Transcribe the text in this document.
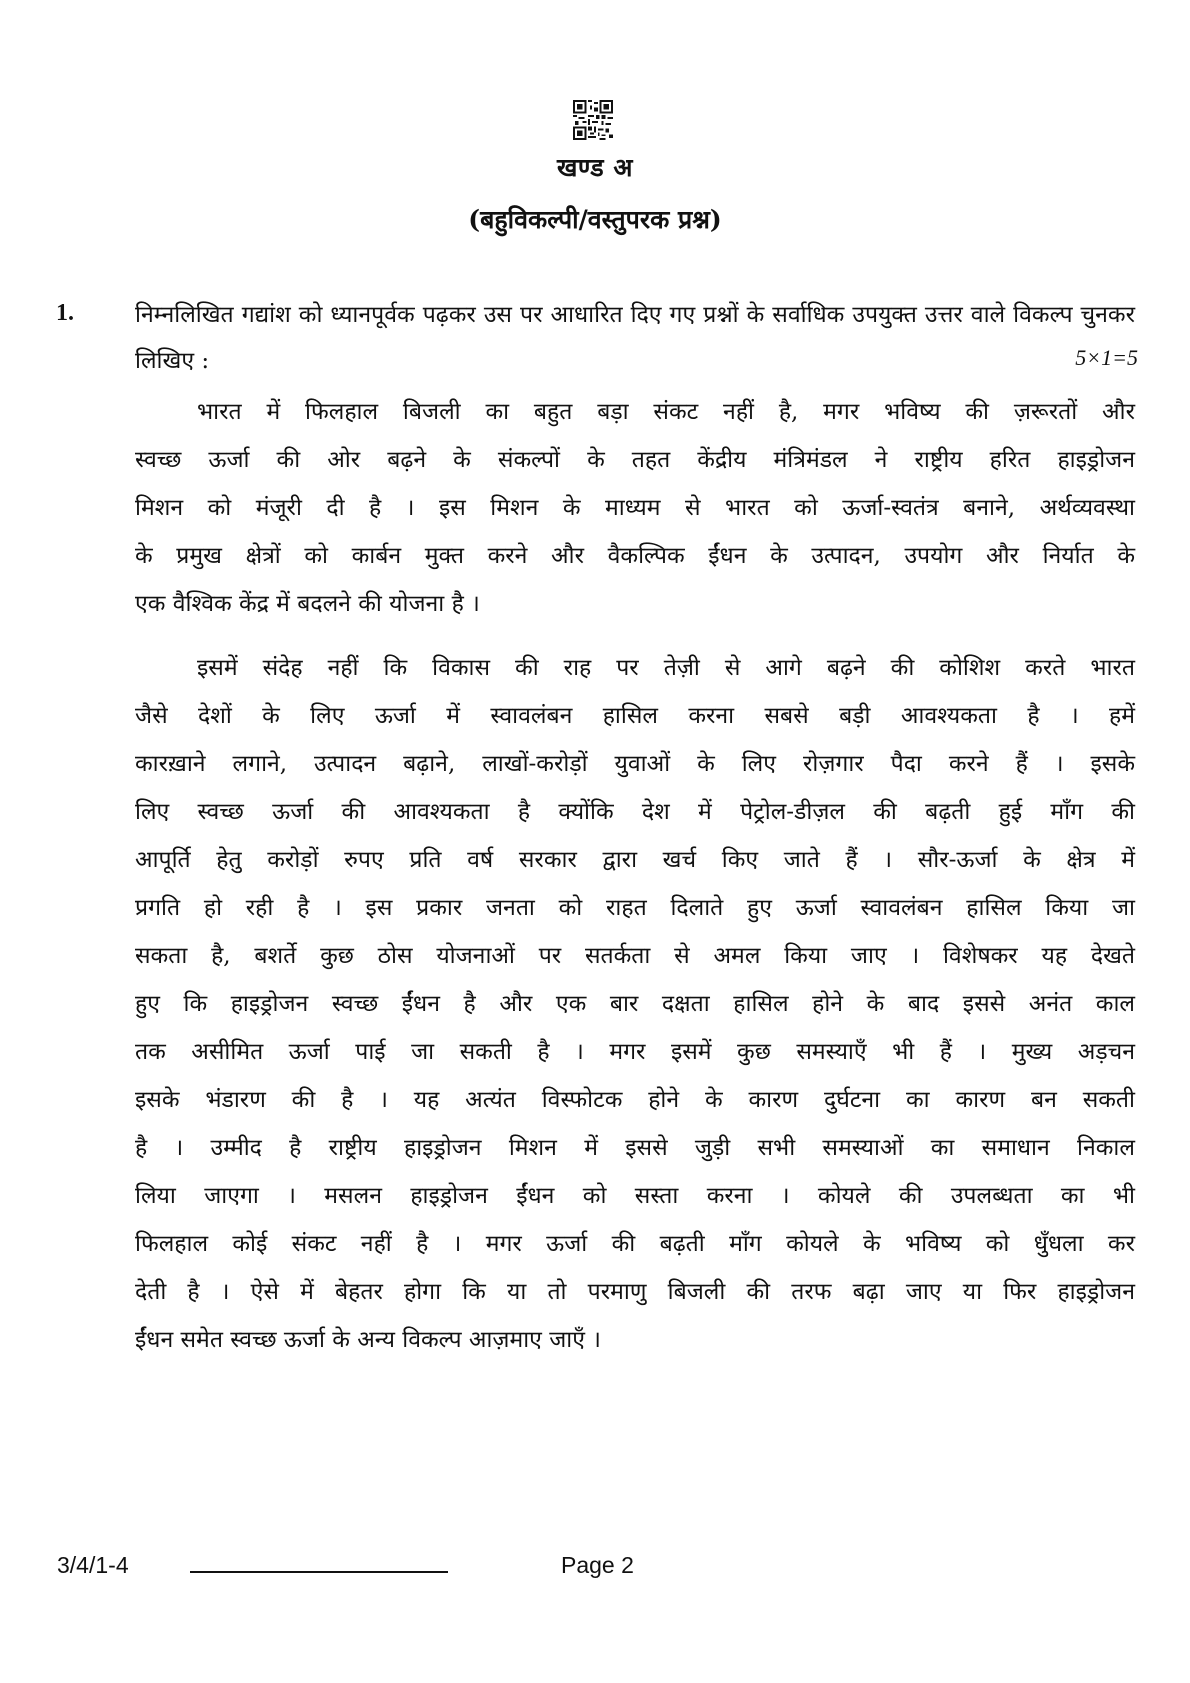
खण्ड अ
(बहुविकल्पी/वस्तुपरक प्रश्न)
1.	निम्नलिखित गद्यांश को ध्यानपूर्वक पढ़कर उस पर आधारित दिए गए प्रश्नों के सर्वाधिक उपयुक्त उत्तर वाले विकल्प चुनकर लिखिए :	5×1=5
भारत में फिलहाल बिजली का बहुत बड़ा संकट नहीं है, मगर भविष्य की ज़रूरतों और
स्वच्छ ऊर्जा की ओर बढ़ने के संकल्पों के तहत केंद्रीय मंत्रिमंडल ने राष्ट्रीय हरित हाइड्रोजन
मिशन को मंजूरी दी है । इस मिशन के माध्यम से भारत को ऊर्जा-स्वतंत्र बनाने, अर्थव्यवस्था
के प्रमुख क्षेत्रों को कार्बन मुक्त करने और वैकल्पिक ईंधन के उत्पादन, उपयोग और निर्यात के
एक वैश्विक केंद्र में बदलने की योजना है ।
इसमें संदेह नहीं कि विकास की राह पर तेज़ी से आगे बढ़ने की कोशिश करते भारत
जैसे देशों के लिए ऊर्जा में स्वावलंबन हासिल करना सबसे बड़ी आवश्यकता है । हमें
कारख़ाने लगाने, उत्पादन बढ़ाने, लाखों-करोड़ों युवाओं के लिए रोज़गार पैदा करने हैं । इसके
लिए स्वच्छ ऊर्जा की आवश्यकता है क्योंकि देश में पेट्रोल-डीज़ल की बढ़ती हुई माँग की
आपूर्ति हेतु करोड़ों रुपए प्रति वर्ष सरकार द्वारा खर्च किए जाते हैं । सौर-ऊर्जा के क्षेत्र में
प्रगति हो रही है । इस प्रकार जनता को राहत दिलाते हुए ऊर्जा स्वावलंबन हासिल किया जा
सकता है, बशर्ते कुछ ठोस योजनाओं पर सतर्कता से अमल किया जाए । विशेषकर यह देखते
हुए कि हाइड्रोजन स्वच्छ ईंधन है और एक बार दक्षता हासिल होने के बाद इससे अनंत काल
तक असीमित ऊर्जा पाई जा सकती है । मगर इसमें कुछ समस्याएँ भी हैं । मुख्य अड़चन
इसके भंडारण की है । यह अत्यंत विस्फोटक होने के कारण दुर्घटना का कारण बन सकती
है । उम्मीद है राष्ट्रीय हाइड्रोजन मिशन में इससे जुड़ी सभी समस्याओं का समाधान निकाल
लिया जाएगा । मसलन हाइड्रोजन ईंधन को सस्ता करना । कोयले की उपलब्धता का भी
फिलहाल कोई संकट नहीं है । मगर ऊर्जा की बढ़ती माँग कोयले के भविष्य को धुँधला कर
देती है । ऐसे में बेहतर होगा कि या तो परमाणु बिजली की तरफ बढ़ा जाए या फिर हाइड्रोजन
ईंधन समेत स्वच्छ ऊर्जा के अन्य विकल्प आज़माए जाएँ ।
3/4/1-4	Page 2
